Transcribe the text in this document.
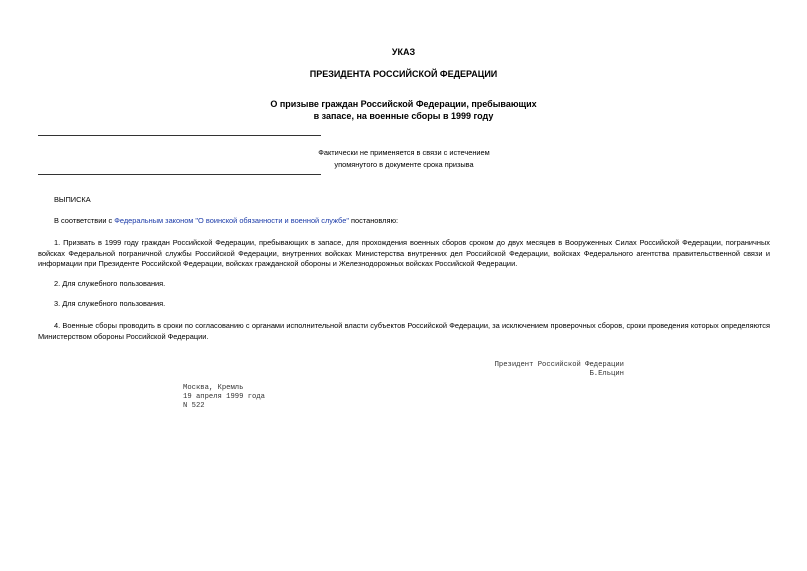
УКАЗ
ПРЕЗИДЕНТА РОССИЙСКОЙ ФЕДЕРАЦИИ
О призыве граждан Российской Федерации, пребывающих
в запасе, на военные сборы в 1999 году
Фактически не применяется в связи с истечением
упомянутого в документе срока призыва
ВЫПИСКА
В соответствии с Федеральным законом "О воинской обязанности и военной службе" постановляю:
1. Призвать в 1999 году граждан Российской Федерации, пребывающих в запасе, для прохождения военных сборов сроком до двух месяцев в Вооруженных Силах Российской Федерации, пограничных войсках Федеральной пограничной службы Российской Федерации, внутренних войсках Министерства внутренних дел Российской Федерации, войсках Федерального агентства правительственной связи и информации при Президенте Российской Федерации, войсках гражданской обороны и Железнодорожных войсках Российской Федерации.
2. Для служебного пользования.
3. Для служебного пользования.
4. Военные сборы проводить в сроки по согласованию с органами исполнительной власти субъектов Российской Федерации, за исключением проверочных сборов, сроки проведения которых определяются Министерством обороны Российской Федерации.
Президент Российской Федерации
Б.Ельцин
Москва, Кремль
19 апреля 1999 года
N 522
